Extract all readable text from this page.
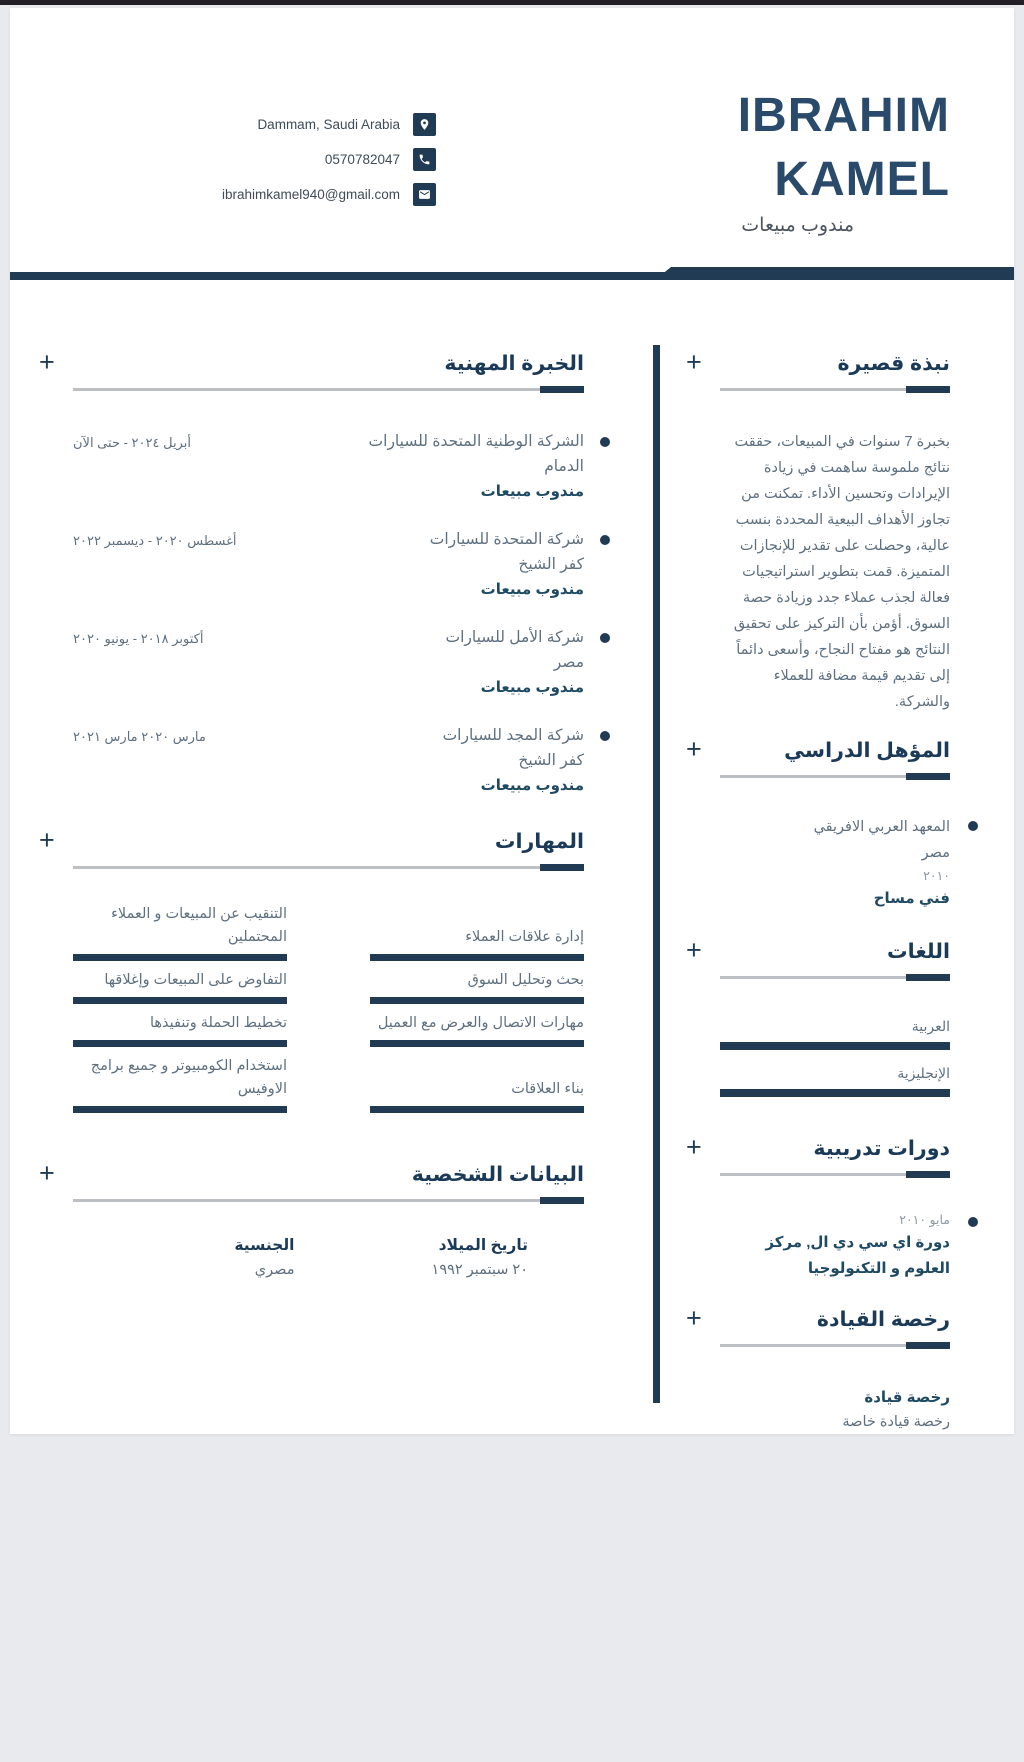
Dammam, Saudi Arabia
0570782047
ibrahimkamel940@gmail.com
IBRAHIM
KAMEL
مندوب مبيعات
الخبرة المهنية
+
الشركة الوطنية المتحدة للسيارات
الدمام
مندوب مبيعات
أبريل ٢٠٢٤ - حتى الآن
شركة المتحدة للسيارات
كفر الشيخ
مندوب مبيعات
أغسطس ٢٠٢٠ - ديسمبر ٢٠٢٢
شركة الأمل للسيارات
مصر
مندوب مبيعات
أكتوبر ٢٠١٨ - يونيو ٢٠٢٠
شركة المجد للسيارات
كفر الشيخ
مندوب مبيعات
مارس ٢٠٢٠ مارس ٢٠٢١
المهارات
+
إدارة علاقات العملاء
التنقيب عن المبيعات و العملاء المحتملين
بحث وتحليل السوق
التفاوض على المبيعات وإغلاقها
مهارات الاتصال والعرض مع العميل
تخطيط الحملة وتنفيذها
بناء العلاقات
استخدام الكومبيوتر و جميع برامج الاوفيس
البيانات الشخصية
+
تاريخ الميلاد
٢٠ سبتمبر ١٩٩٢
الجنسية
مصري
نبذة قصيرة
+
بخبرة 7 سنوات في المبيعات، حققت نتائج ملموسة ساهمت في زيادة الإيرادات وتحسين الأداء. تمكنت من تجاوز الأهداف البيعية المحددة بنسب عالية، وحصلت على تقدير للإنجازات المتميزة. قمت بتطوير استراتيجيات فعالة لجذب عملاء جدد وزيادة حصة السوق. أؤمن بأن التركيز على تحقيق النتائج هو مفتاح النجاح، وأسعى دائماً إلى تقديم قيمة مضافة للعملاء والشركة.
المؤهل الدراسي
+
المعهد العربي الافريقي
مصر
٢٠١٠
فني مساح
اللغات
+
العربية
الإنجليزية
دورات تدريبية
+
مايو ٢٠١٠
دورة اي سي دي ال, مركز العلوم و التكنولوجيا
رخصة القيادة
+
رخصة قيادة
رخصة قيادة خاصة
